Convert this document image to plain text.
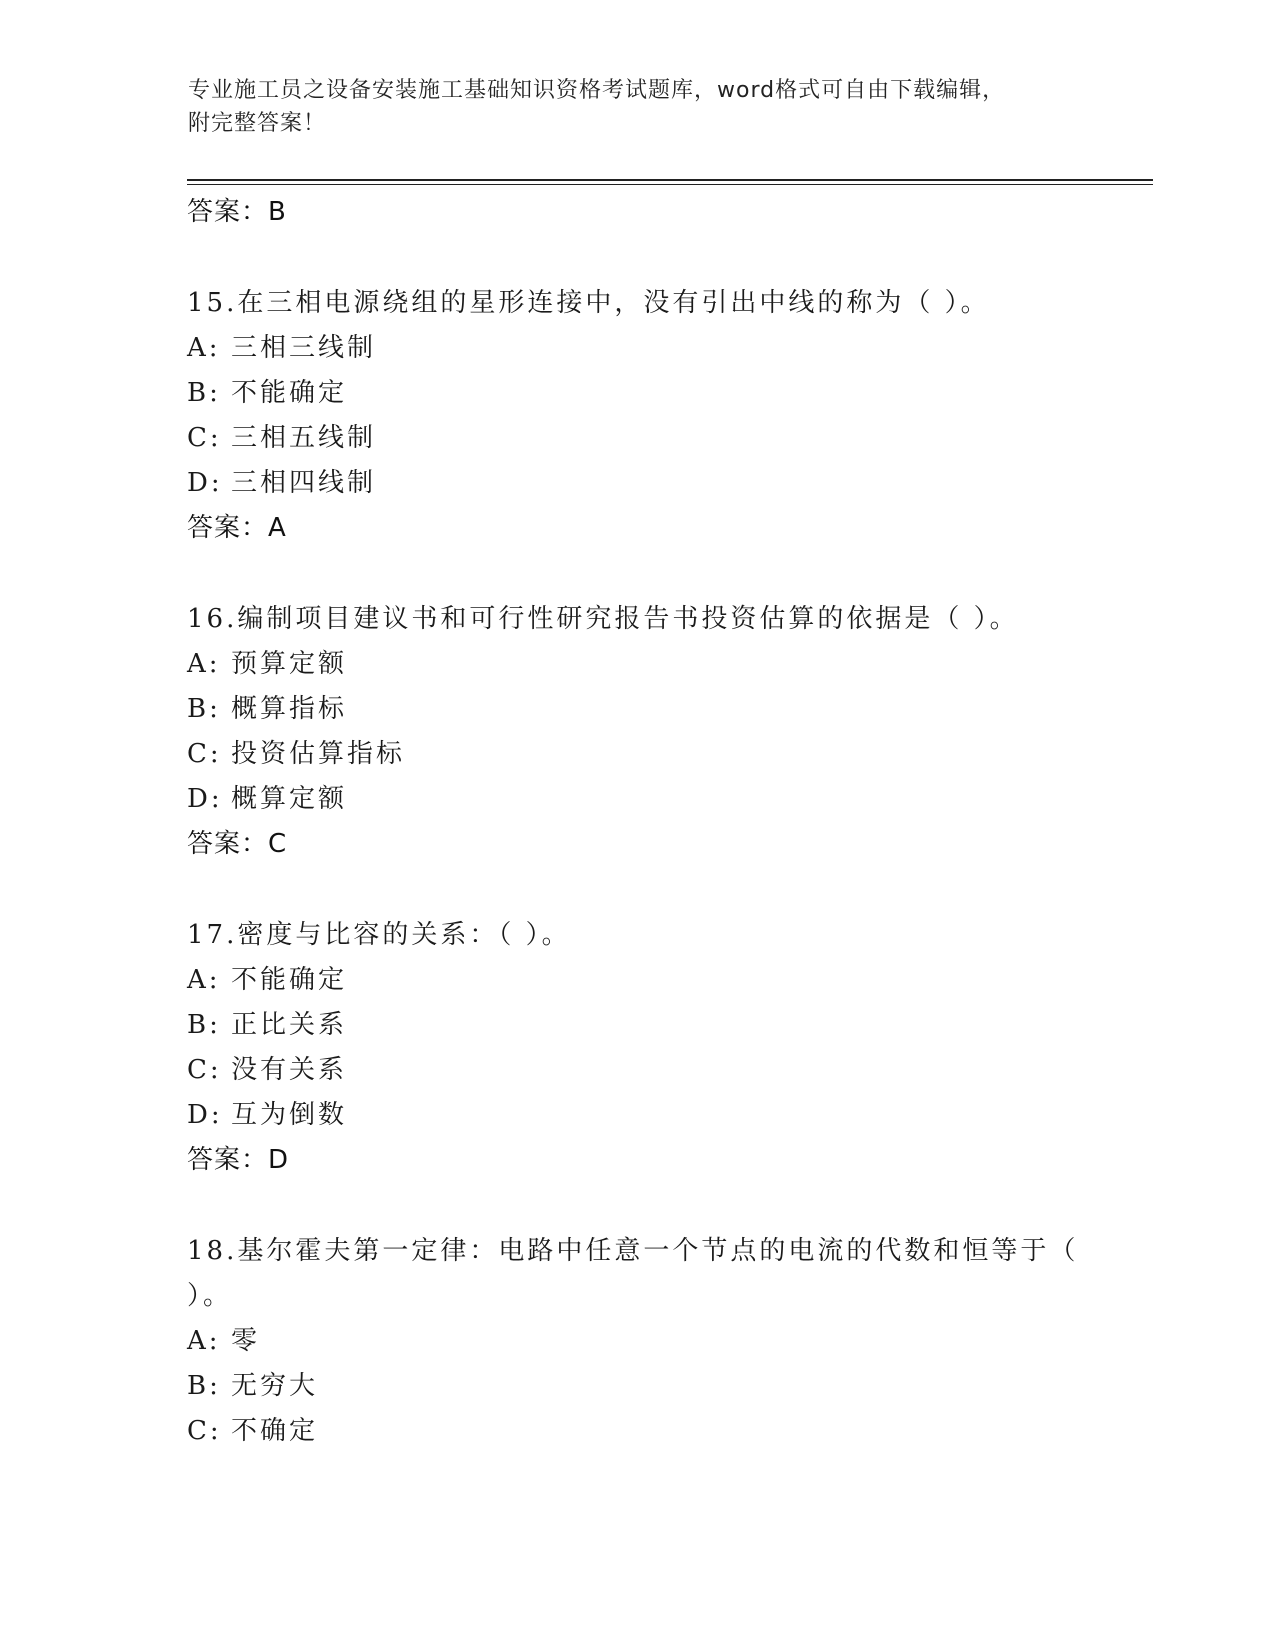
专业施工员之设备安装施工基础知识资格考试题库，word格式可自由下载编辑，
附完整答案！
答案：B
15.在三相电源绕组的星形连接中，没有引出中线的称为（ ）。
A: 三相三线制
B: 不能确定
C: 三相五线制
D: 三相四线制
答案：A
16.编制项目建议书和可行性研究报告书投资估算的依据是（ ）。
A: 预算定额
B: 概算指标
C: 投资估算指标
D: 概算定额
答案：C
17.密度与比容的关系：（ ）。
A: 不能确定
B: 正比关系
C: 没有关系
D: 互为倒数
答案：D
18.基尔霍夫第一定律：电路中任意一个节点的电流的代数和恒等于（
）。
A: 零
B: 无穷大
C: 不确定
